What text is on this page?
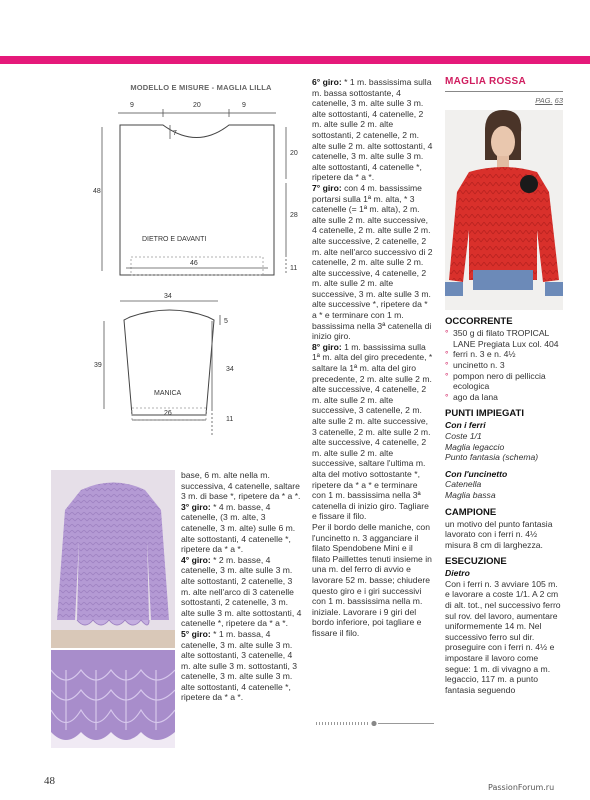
MODELLO E MISURE - MAGLIA LILLA
9	20	9
7
20
48
28
DIETRO E DAVANTI
46
11
34
5
39
34
MANICA
26
11

base, 6 m. alte nella m. successiva, 4 catenelle, saltare 3 m. di base *, ripetere da * a *.

3° giro: * 4 m. basse, 4 catenelle, (3 m. alte, 3 catenelle, 3 m. alte) sulle 6 m. alte sottostanti, 4 catenelle *, ripetere da * a *.

4° giro: * 2 m. basse, 4 catenelle, 3 m. alte sulle 3 m. alte sottostanti, 2 catenelle, 3 m. alte nell'arco di 3 catenelle sottostanti, 2 catenelle, 3 m. alte sulle 3 m. alte sottostanti, 4 catenelle *, ripetere da * a *.

5° giro: * 1 m. bassa, 4 catenelle, 3 m. alte sulle 3 m. alte sottostanti, 3 catenelle, 4 m. alte sulle 3 m. sottostanti, 3 catenelle, 3 m. alte sulle 3 m. alte sottostanti, 4 catenelle *, ripetere da * a *.

6° giro: * 1 m. bassissima sulla m. bassa sottostante, 4 catenelle, 3 m. alte sulle 3 m. alte sottostanti, 4 catenelle, 2 m. alte sulle 2 m. alte sottostanti, 2 catenelle, 2 m. alte sulle 2 m. alte sottostanti, 4 catenelle, 3 m. alte sulle 3 m. alte sottostanti, 4 catenelle *, ripetere da * a *.

7° giro: con 4 m. bassissime portarsi sulla 1ª m. alta, * 3 catenelle (= 1ª m. alta), 2 m. alte sulle 2 m. alte successive, 4 catenelle, 2 m. alte sulle 2 m. alte successive, 2 catenelle, 2 m. alte nell'arco successivo di 2 catenelle, 2 m. alte sulle 2 m. alte successive, 4 catenelle, 2 m. alte sulle 2 m. alte successive, 3 m. alte sulle 3 m. alte successive *, ripetere da * a * e terminare con 1 m. bassissima nella 3ª catenella di inizio giro.

8° giro: 1 m. bassissima sulla 1ª m. alta del giro precedente, * saltare la 1ª m. alta del giro precedente, 2 m. alte sulle 2 m. alte successive, 4 catenelle, 2 m. alte sulle 2 m. alte successive, 3 catenelle, 2 m. alte sulle 2 m. alte successive, 3 catenelle, 2 m. alte sulle 2 m. alte successive, 4 catenelle, 2 m. alte sulle 2 m. alte successive, saltare l'ultima m. alta del motivo sottostante *, ripetere da * a * e terminare con 1 m. bassissima nella 3ª catenella di inizio giro. Tagliare e fissare il filo.

Per il bordo delle maniche, con l'uncinetto n. 3 agganciare il filato Spendobene Mini e il filato Paillettes tenuti insieme in una m. del ferro di avvio e lavorare 52 m. basse; chiudere questo giro e i giri successivi con 1 m. bassissima nella m. iniziale. Lavorare i 9 giri del bordo inferiore, poi tagliare e fissare il filo.

MAGLIA ROSSA
PAG. 63
OCCORRENTE
° 350 g di filato TROPICAL LANE Pregiata Lux col. 404
° ferri n. 3 e n. 4½
° uncinetto n. 3
° pompon nero di pelliccia ecologica
° ago da lana
PUNTI IMPIEGATI
Con i ferri
Coste 1/1
Maglia legaccio
Punto fantasia (schema)
Con l'uncinetto
Catenella
Maglia bassa
CAMPIONE
un motivo del punto fantasia lavorato con i ferri n. 4½ misura 8 cm di larghezza.
ESECUZIONE
Dietro
Con i ferri n. 3 avviare 105 m. e lavorare a coste 1/1. A 2 cm di alt. tot., nel successivo ferro sul rov. del lavoro, aumentare uniformemente 14 m. Nel successivo ferro sul dir. proseguire con i ferri n. 4½ e impostare il lavoro come segue: 1 m. di vivagno a m. legaccio, 117 m. a punto fantasia seguendo
48
PassionForum.ru
